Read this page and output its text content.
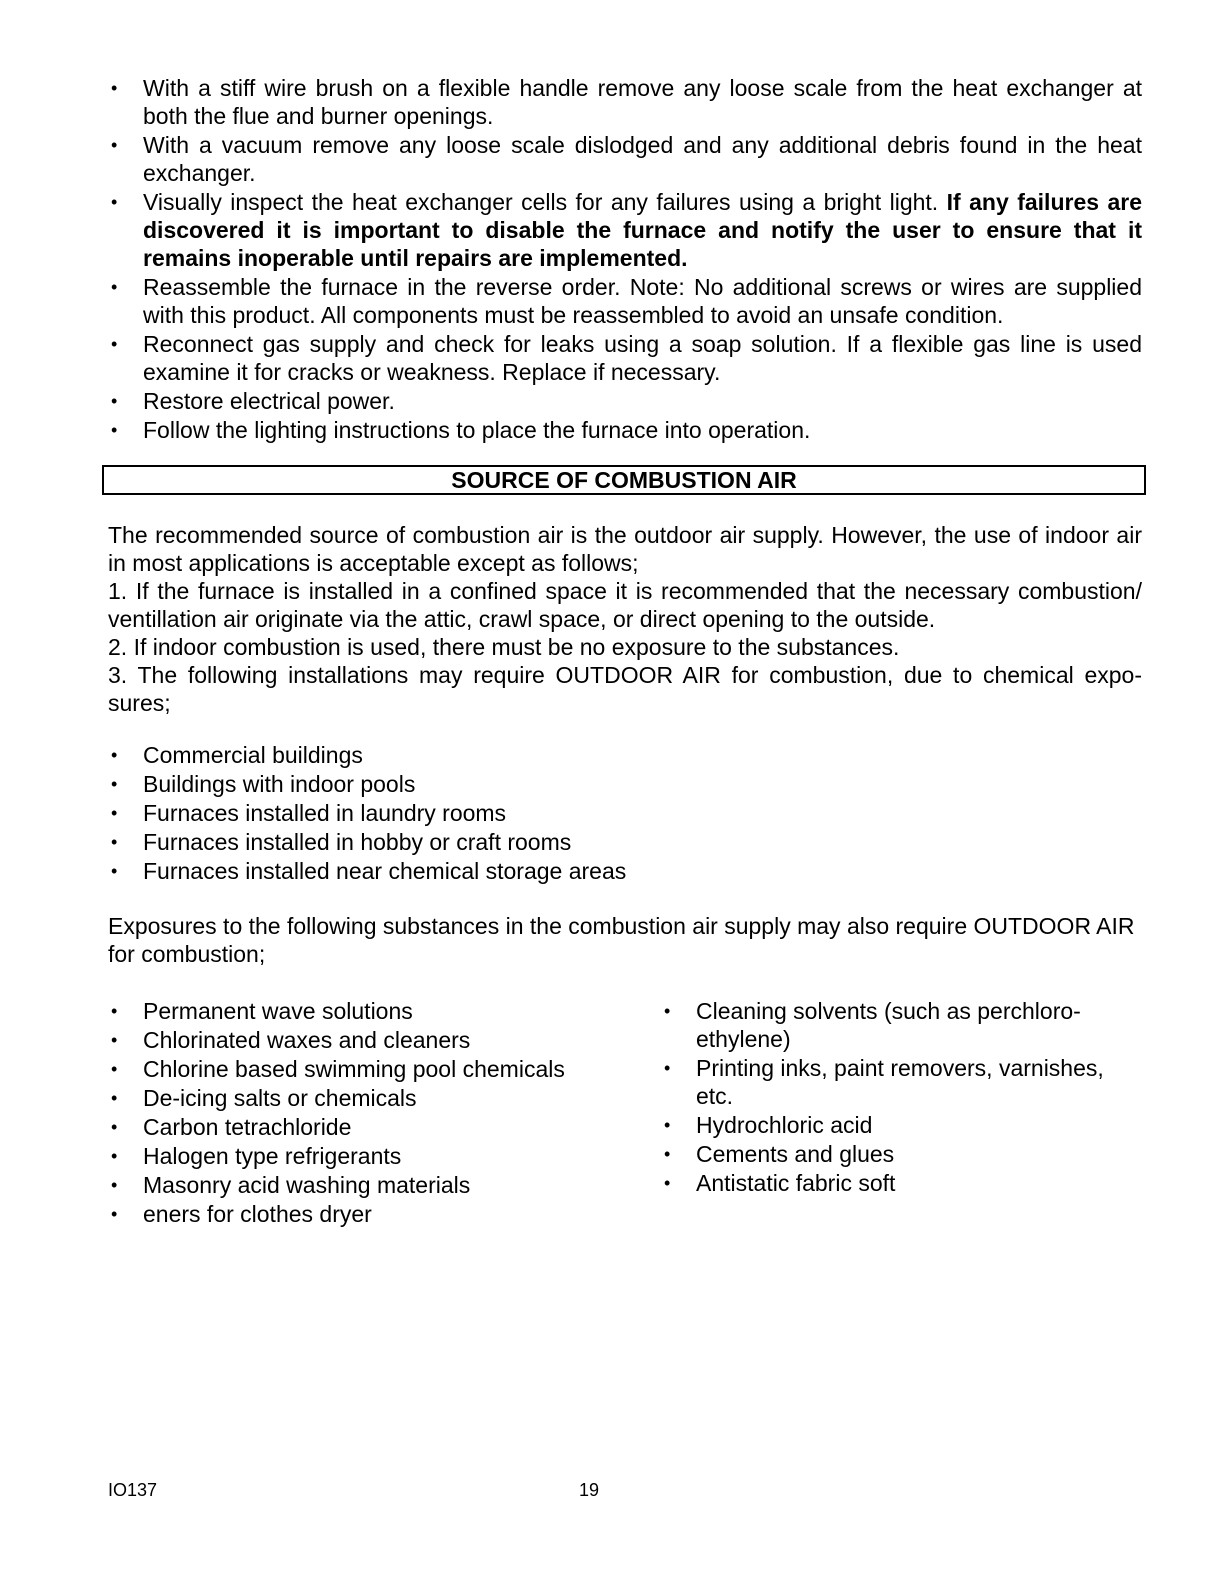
• With a stiff wire brush on a flexible handle remove any loose scale from the heat exchanger at both the flue and burner openings.
• With a vacuum remove any loose scale dislodged and any additional debris found in the heat exchanger.
• Visually inspect the heat exchanger cells for any failures using a bright light. If any failures are discovered it is important to disable the furnace and notify the user to ensure that it remains inoperable until repairs are implemented.
• Reassemble the furnace in the reverse order. Note: No additional screws or wires are supplied with this product. All components must be reassembled to avoid an unsafe condition.
• Reconnect gas supply and check for leaks using a soap solution. If a flexible gas line is used examine it for cracks or weakness. Replace if necessary.
• Restore electrical power.
• Follow the lighting instructions to place the furnace into operation.
SOURCE OF COMBUSTION AIR

The recommended source of combustion air is the outdoor air supply. However, the use of indoor air in most applications is acceptable except as follows;

1. If the furnace is installed in a confined space it is recommended that the necessary combustion/ ventillation air originate via the attic, crawl space, or direct opening to the outside.

2. If indoor combustion is used, there must be no exposure to the substances.

3. The following installations may require OUTDOOR AIR for combustion, due to chemical expo-sures;

• Commercial buildings
• Buildings with indoor pools
• Furnaces installed in laundry rooms
• Furnaces installed in hobby or craft rooms
• Furnaces installed near chemical storage areas

Exposures to the following substances in the combustion air supply may also require OUTDOOR AIR for combustion;

• Permanent wave solutions
• Chlorinated waxes and cleaners
• Chlorine based swimming pool chemicals
• De-icing salts or chemicals
• Carbon tetrachloride
• Halogen type refrigerants
• Masonry acid washing materials
• eners for clothes dryer
• Cleaning solvents (such as perchloro-ethylene)
• Printing inks, paint removers, varnishes, etc.
• Hydrochloric acid
• Cements and glues
• Antistatic fabric soft
IO137	19
